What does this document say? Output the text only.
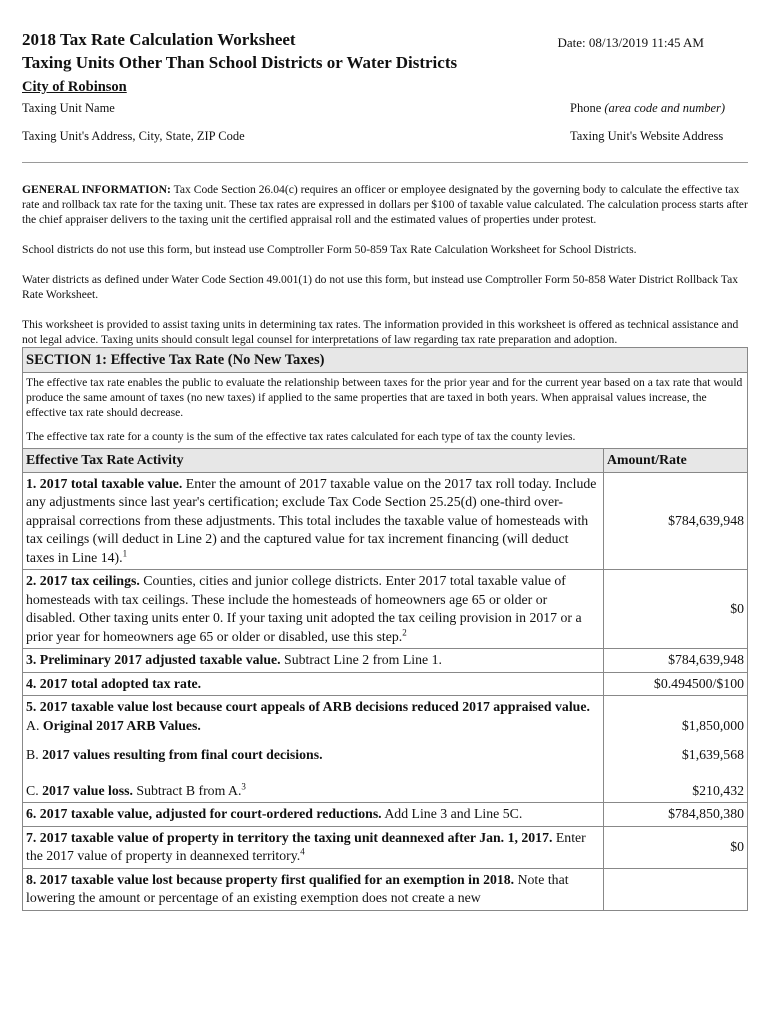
2018 Tax Rate Calculation Worksheet	Date: 08/13/2019 11:45 AM
Taxing Units Other Than School Districts or Water Districts
City of Robinson
Taxing Unit Name	Phone (area code and number)
Taxing Unit's Address, City, State, ZIP Code	Taxing Unit's Website Address

GENERAL INFORMATION: Tax Code Section 26.04(c) requires an officer or employee designated by the governing body to calculate the effective tax rate and rollback tax rate for the taxing unit. These tax rates are expressed in dollars per $100 of taxable value calculated. The calculation process starts after the chief appraiser delivers to the taxing unit the certified appraisal roll and the estimated values of properties under protest.

School districts do not use this form, but instead use Comptroller Form 50-859 Tax Rate Calculation Worksheet for School Districts.

Water districts as defined under Water Code Section 49.001(1) do not use this form, but instead use Comptroller Form 50-858 Water District Rollback Tax Rate Worksheet.

This worksheet is provided to assist taxing units in determining tax rates. The information provided in this worksheet is offered as technical assistance and not legal advice. Taxing units should consult legal counsel for interpretations of law regarding tax rate preparation and adoption.

SECTION 1: Effective Tax Rate (No New Taxes)

The effective tax rate enables the public to evaluate the relationship between taxes for the prior year and for the current year based on a tax rate that would produce the same amount of taxes (no new taxes) if applied to the same properties that are taxed in both years. When appraisal values increase, the effective tax rate should decrease.

The effective tax rate for a county is the sum of the effective tax rates calculated for each type of tax the county levies.

Effective Tax Rate Activity	Amount/Rate
1. 2017 total taxable value. Enter the amount of 2017 taxable value on the 2017 tax roll today. Include any adjustments since last year's certification; exclude Tax Code Section 25.25(d) one-third over-appraisal corrections from these adjustments. This total includes the taxable value of homesteads with tax ceilings (will deduct in Line 2) and the captured value for tax increment financing (will deduct taxes in Line 14).$^1$	$784,639,948
2. 2017 tax ceilings. Counties, cities and junior college districts. Enter 2017 total taxable value of homesteads with tax ceilings. These include the homesteads of homeowners age 65 or older or disabled. Other taxing units enter 0. If your taxing unit adopted the tax ceiling provision in 2017 or a prior year for homeowners age 65 or older or disabled, use this step.$^2$	$0
3. Preliminary 2017 adjusted taxable value. Subtract Line 2 from Line 1.	$784,639,948
4. 2017 total adopted tax rate.	$0.494500/$100
5. 2017 taxable value lost because court appeals of ARB decisions reduced 2017 appraised value.
A. Original 2017 ARB Values.	$1,850,000
B. 2017 values resulting from final court decisions.	$1,639,568
C. 2017 value loss. Subtract B from A.$^3$	$210,432
6. 2017 taxable value, adjusted for court-ordered reductions. Add Line 3 and Line 5C.	$784,850,380
7. 2017 taxable value of property in territory the taxing unit deannexed after Jan. 1, 2017. Enter the 2017 value of property in deannexed territory.$^4$	$0
8. 2017 taxable value lost because property first qualified for an exemption in 2018. Note that lowering the amount or percentage of an existing exemption does not create a new	
